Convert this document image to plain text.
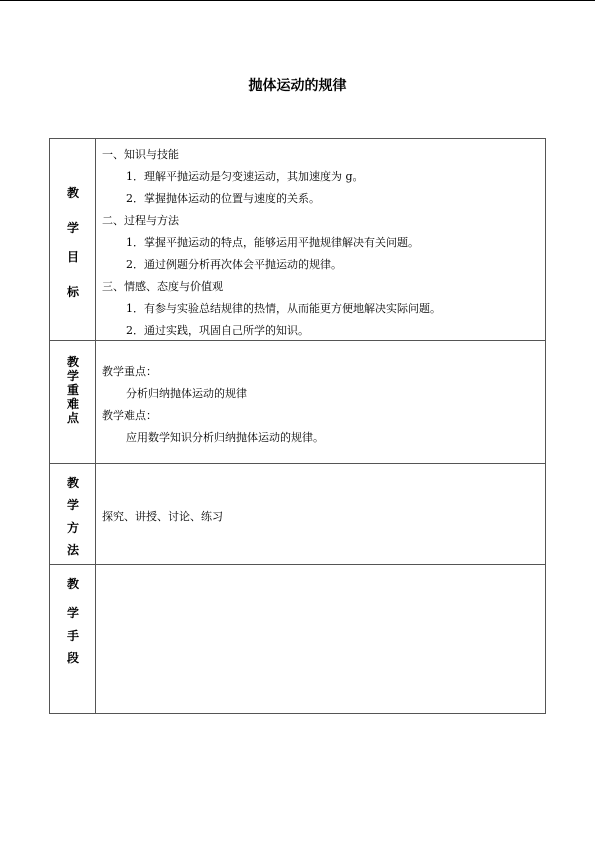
抛体运动的规律
教
学
目
标
一、知识与技能
1．理解平抛运动是匀变速运动，其加速度为 g。
2．掌握抛体运动的位置与速度的关系。
二、过程与方法
1．掌握平抛运动的特点，能够运用平抛规律解决有关问题。
2．通过例题分析再次体会平抛运动的规律。
三、情感、态度与价值观
1．有参与实验总结规律的热情，从而能更方便地解决实际问题。
2．通过实践，巩固自己所学的知识。
教
学
重
难
点
教学重点：
分析归纳抛体运动的规律
教学难点：
应用数学知识分析归纳抛体运动的规律。
教
学
方
法
探究、讲授、讨论、练习
教
学
手
段
